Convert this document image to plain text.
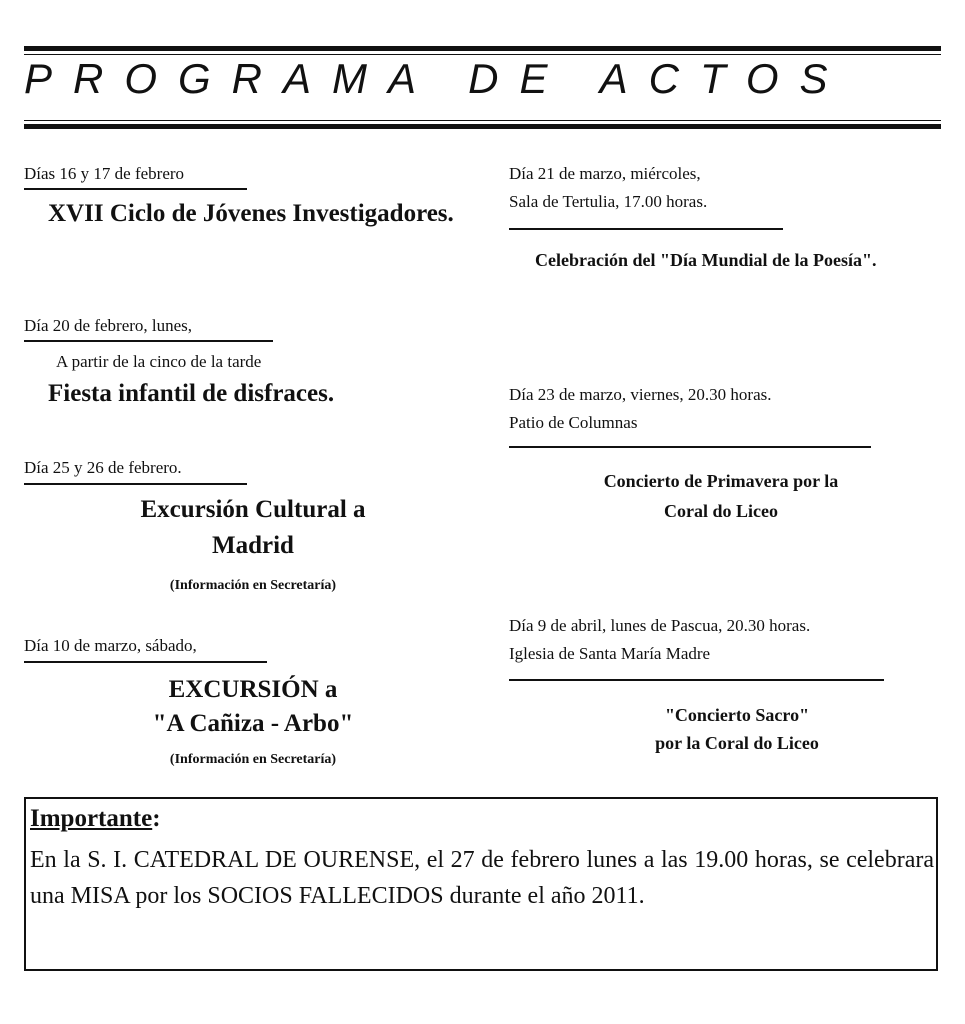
PROGRAMA DE ACTOS
Días 16 y 17 de febrero
XVII Ciclo de Jóvenes Investigadores.
Día 20 de febrero, lunes,
A partir de la cinco de la tarde
Fiesta infantil de disfraces.
Día 25 y 26 de febrero.
Excursión Cultural a
Madrid
(Información en Secretaría)
Día 10 de marzo, sábado,
EXCURSIÓN a
"A Cañiza - Arbo"
(Información en Secretaría)
Día 21 de marzo, miércoles,
Sala de Tertulia, 17.00 horas.
Celebración del "Día Mundial de la Poesía".
Día 23 de marzo, viernes, 20.30 horas.
Patio de Columnas
Concierto de Primavera por la
Coral do Liceo
Día 9 de abril, lunes de Pascua, 20.30 horas.
Iglesia de Santa María Madre
"Concierto Sacro"
por la Coral do Liceo
Importante:
En la S. I. CATEDRAL DE OURENSE, el 27 de febrero lunes a las 19.00 horas, se celebrara una MISA por los SOCIOS FALLECIDOS durante el año 2011.
